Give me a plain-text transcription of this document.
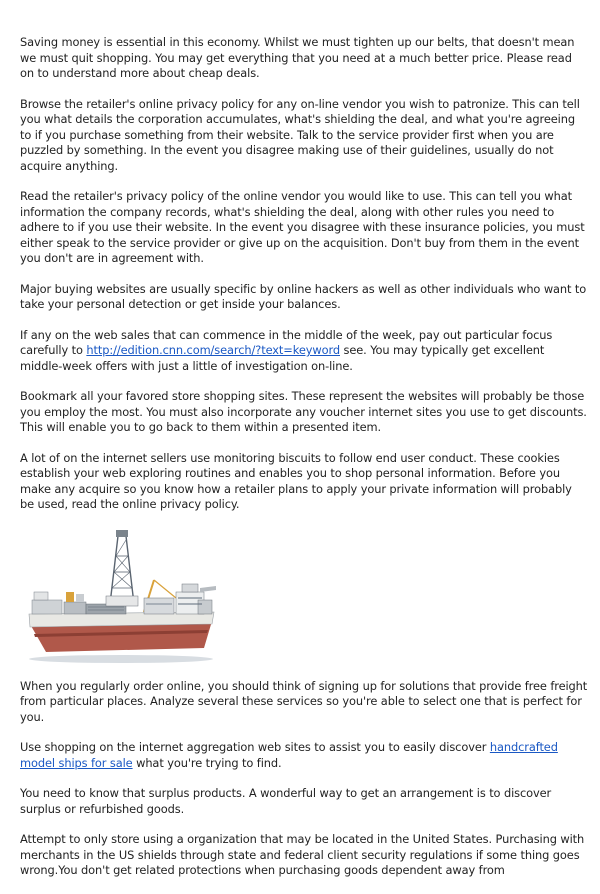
Saving money is essential in this economy. Whilst we must tighten up our belts, that doesn't mean we must quit shopping. You may get everything that you need at a much better price. Please read on to understand more about cheap deals.

Browse the retailer's online privacy policy for any on-line vendor you wish to patronize. This can tell you what details the corporation accumulates, what's shielding the deal, and what you're agreeing to if you purchase something from their website. Talk to the service provider first when you are puzzled by something. In the event you disagree making use of their guidelines, usually do not acquire anything.

Read the retailer's privacy policy of the online vendor you would like to use. This can tell you what information the company records, what's shielding the deal, along with other rules you need to adhere to if you use their website. In the event you disagree with these insurance policies, you must either speak to the service provider or give up on the acquisition. Don't buy from them in the event you don't are in agreement with.

Major buying websites are usually specific by online hackers as well as other individuals who want to take your personal detection or get inside your balances.

If any on the web sales that can commence in the middle of the week, pay out particular focus carefully to http://edition.cnn.com/search/?text=keyword see. You may typically get excellent middle-week offers with just a little of investigation on-line.

Bookmark all your favored store shopping sites. These represent the websites will probably be those you employ the most. You must also incorporate any voucher internet sites you use to get discounts. This will enable you to go back to them within a presented item.

A lot of on the internet sellers use monitoring biscuits to follow end user conduct. These cookies establish your web exploring routines and enables you to shop personal information. Before you make any acquire so you know how a retailer plans to apply your private information will probably be used, read the online privacy policy.

When you regularly order online, you should think of signing up for solutions that provide free freight from particular places. Analyze several these services so you're able to select one that is perfect for you.

Use shopping on the internet aggregation web sites to assist you to easily discover handcrafted model ships for sale what you're trying to find.

You need to know that surplus products. A wonderful way to get an arrangement is to discover surplus or refurbished goods.

Attempt to only store using a organization that may be located in the United States. Purchasing with merchants in the US shields through state and federal client security regulations if some thing goes wrong.You don't get related protections when purchasing goods dependent away from
